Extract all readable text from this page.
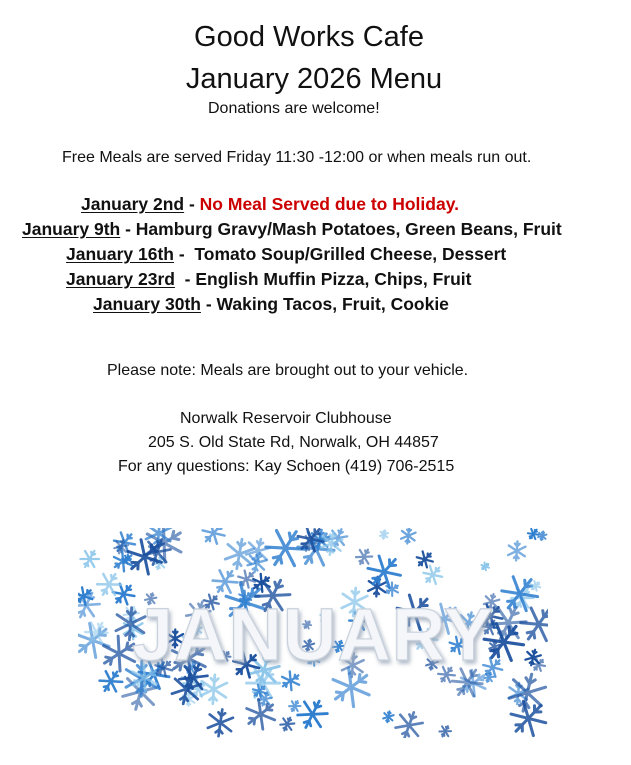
Good Works Cafe
January 2026 Menu
Donations are welcome!
Free Meals are served Friday 11:30 -12:00 or when meals run out.
January 2nd - No Meal Served due to Holiday.
January 9th - Hamburg Gravy/Mash Potatoes, Green Beans, Fruit
January 16th -  Tomato Soup/Grilled Cheese, Dessert
January 23rd  - English Muffin Pizza, Chips, Fruit
January 30th - Waking Tacos, Fruit, Cookie
Please note: Meals are brought out to your vehicle.
Norwalk Reservoir Clubhouse
205 S. Old State Rd, Norwalk, OH 44857
For any questions: Kay Schoen (419) 706-2515
JANUARY
